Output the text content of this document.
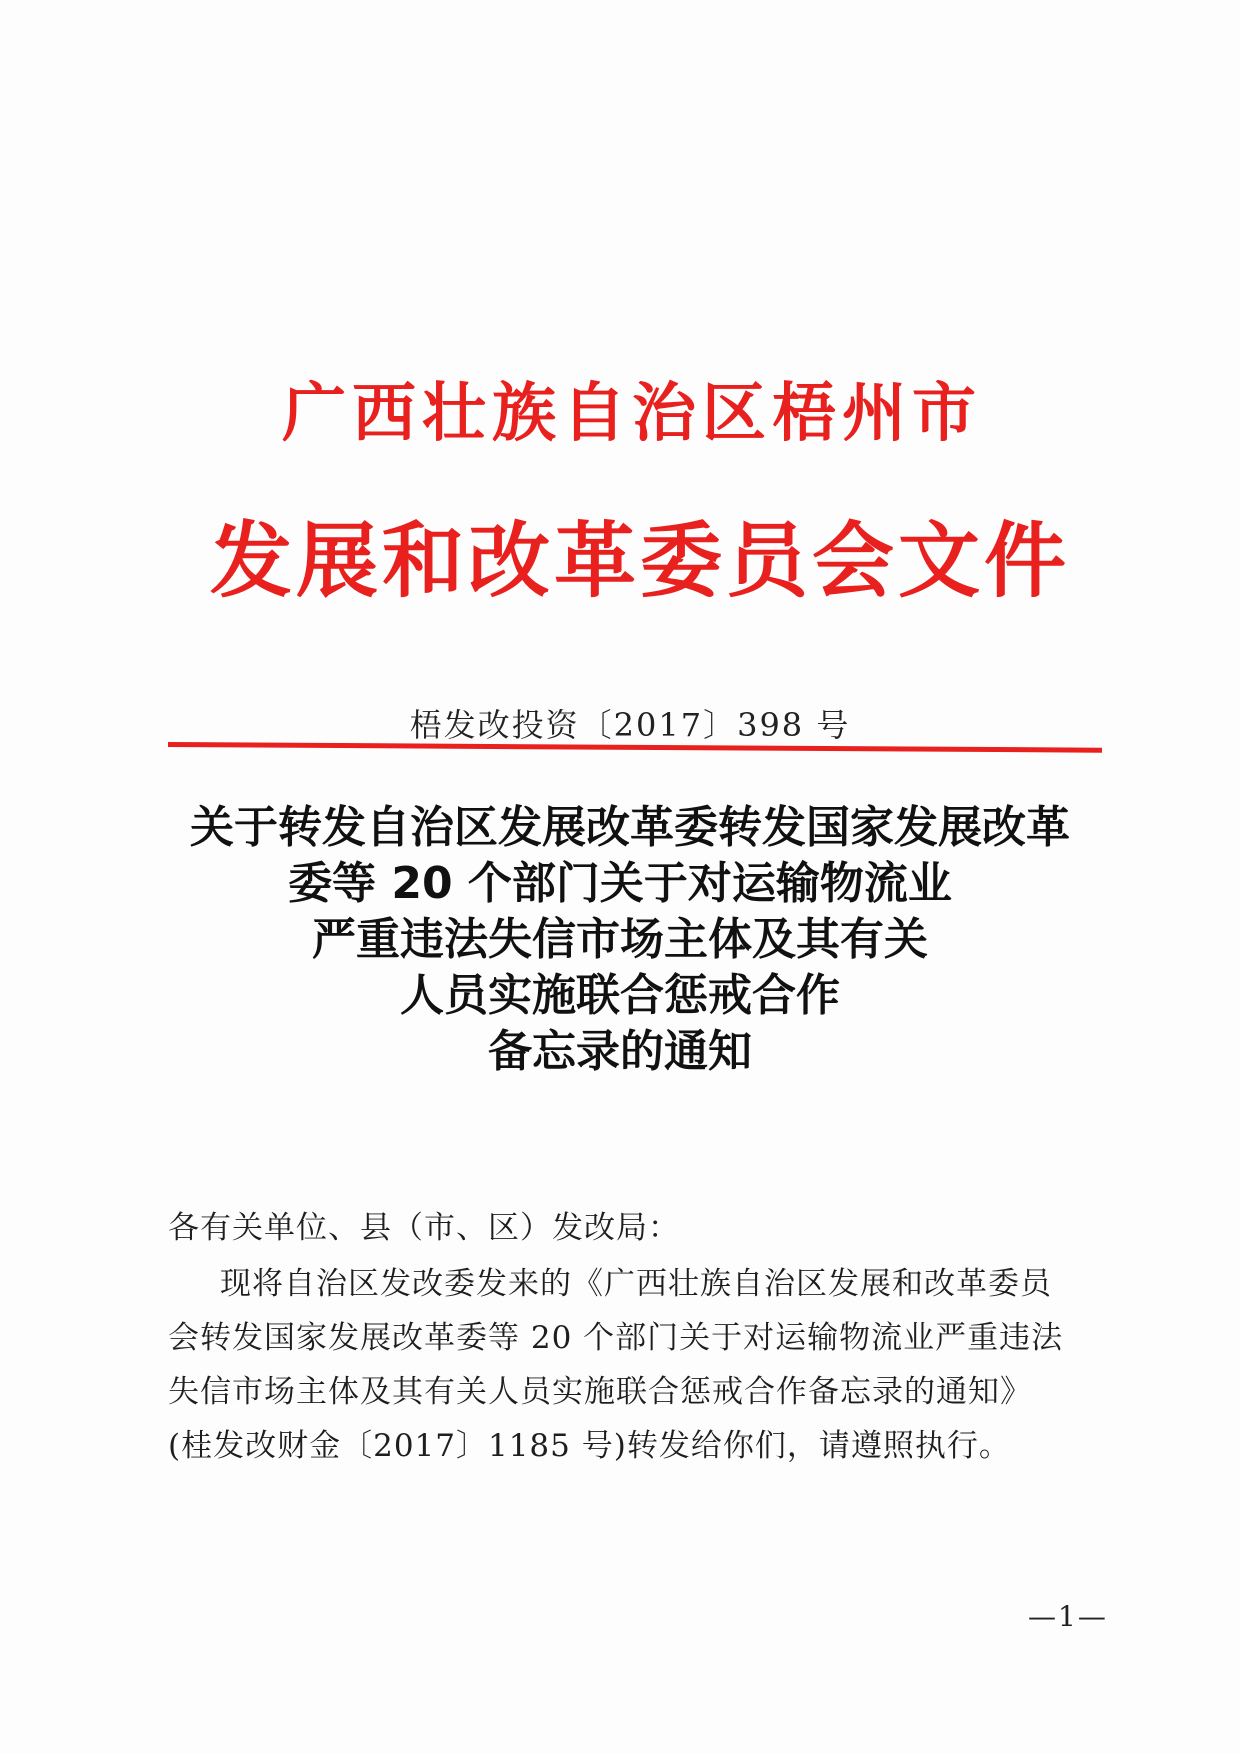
广西壮族自治区梧州市
发展和改革委员会文件
梧发改投资〔2017〕398 号
关于转发自治区发展改革委转发国家发展改革
委等 20 个部门关于对运输物流业
严重违法失信市场主体及其有关
人员实施联合惩戒合作
备忘录的通知
各有关单位、县（市、区）发改局：
现将自治区发改委发来的《广西壮族自治区发展和改革委员
会转发国家发展改革委等 20 个部门关于对运输物流业严重违法
失信市场主体及其有关人员实施联合惩戒合作备忘录的通知》
(桂发改财金〔2017〕1185 号)转发给你们，请遵照执行。
—1—
